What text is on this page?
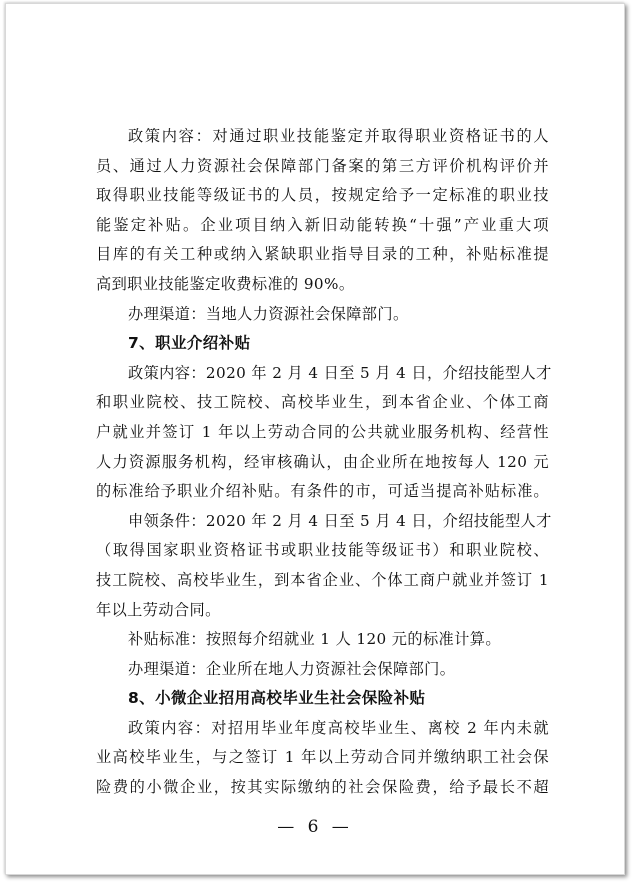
政策内容：对通过职业技能鉴定并取得职业资格证书的人
员、通过人力资源社会保障部门备案的第三方评价机构评价并
取得职业技能等级证书的人员，按规定给予一定标准的职业技
能鉴定补贴。企业项目纳入新旧动能转换“十强”产业重大项
目库的有关工种或纳入紧缺职业指导目录的工种，补贴标准提
高到职业技能鉴定收费标准的 90%。
办理渠道：当地人力资源社会保障部门。
7、职业介绍补贴
政策内容：2020 年 2 月 4 日至 5 月 4 日，介绍技能型人才
和职业院校、技工院校、高校毕业生，到本省企业、个体工商
户就业并签订 1 年以上劳动合同的公共就业服务机构、经营性
人力资源服务机构，经审核确认，由企业所在地按每人 120 元
的标准给予职业介绍补贴。有条件的市，可适当提高补贴标准。
申领条件：2020 年 2 月 4 日至 5 月 4 日，介绍技能型人才
（取得国家职业资格证书或职业技能等级证书）和职业院校、
技工院校、高校毕业生，到本省企业、个体工商户就业并签订 1
年以上劳动合同。
补贴标准：按照每介绍就业 1 人 120 元的标准计算。
办理渠道：企业所在地人力资源社会保障部门。
8、小微企业招用高校毕业生社会保险补贴
政策内容：对招用毕业年度高校毕业生、离校 2 年内未就
业高校毕业生，与之签订 1 年以上劳动合同并缴纳职工社会保
险费的小微企业，按其实际缴纳的社会保险费，给予最长不超
— 6 —
